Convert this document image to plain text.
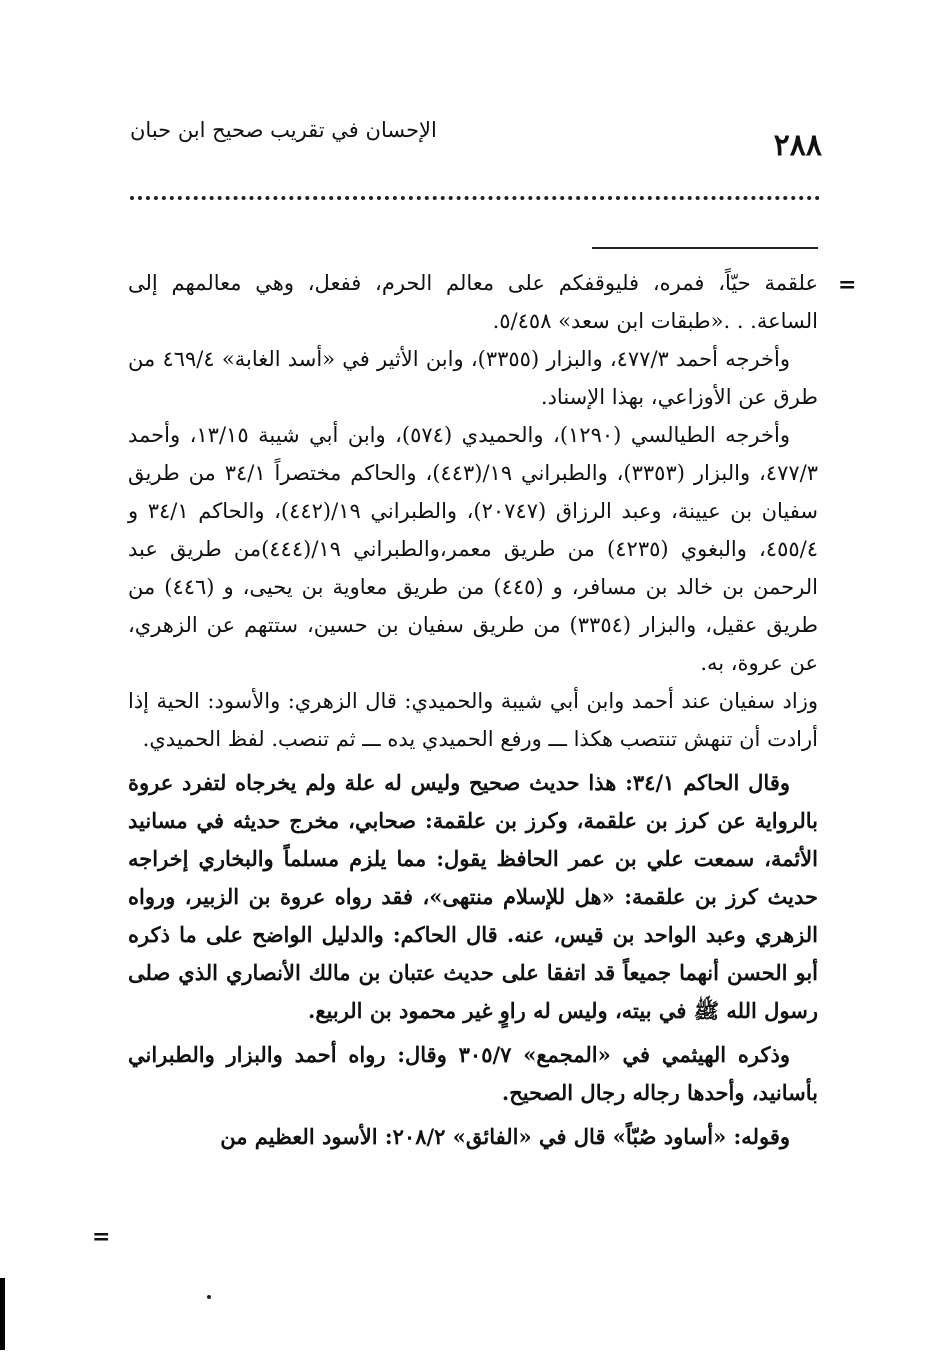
الإحسان في تقريب صحيح ابن حبان	٢٨٨
=

علقمة حيّاً، فمره، فليوقفكم على معالم الحرم، ففعل، وهي معالمهم إلى الساعة. . .«طبقات ابن سعد» ٥/٤٥٨.

وأخرجه أحمد ٤٧٧/٣، والبزار (٣٣٥٥)، وابن الأثير في «أسد الغابة» ٤٦٩/٤ من طرق عن الأوزاعي، بهذا الإسناد.

وأخرجه الطيالسي (١٢٩٠)، والحميدي (٥٧٤)، وابن أبي شيبة ١٣/١٥، وأحمد ٤٧٧/٣، والبزار (٣٣٥٣)، والطبراني ١٩/(٤٤٣)، والحاكم مختصراً ٣٤/١ من طريق سفيان بن عيينة، وعبد الرزاق (٢٠٧٤٧)، والطبراني ١٩/(٤٤٢)، والحاكم ٣٤/١ و ٤٥٥/٤، والبغوي (٤٢٣٥) من طريق معمر،والطبراني ١٩/(٤٤٤)من طريق عبد الرحمن بن خالد بن مسافر، و (٤٤٥) من طريق معاوية بن يحيى، و (٤٤٦) من طريق عقيل، والبزار (٣٣٥٤) من طريق سفيان بن حسين، ستتهم عن الزهري، عن عروة، به.

وزاد سفيان عند أحمد وابن أبي شيبة والحميدي: قال الزهري: والأسود: الحية إذا أرادت أن تنهش تنتصب هكذا ـــ ورفع الحميدي يده ـــ ثم تنصب. لفظ الحميدي.

وقال الحاكم ٣٤/١: هذا حديث صحيح وليس له علة ولم يخرجاه لتفرد عروة بالرواية عن كرز بن علقمة، وكرز بن علقمة: صحابي، مخرج حديثه في مسانيد الأئمة، سمعت علي بن عمر الحافظ يقول: مما يلزم مسلماً والبخاري إخراجه حديث كرز بن علقمة: «هل للإسلام منتهى»، فقد رواه عروة بن الزبير، ورواه الزهري وعبد الواحد بن قيس، عنه. قال الحاكم: والدليل الواضح على ما ذكره أبو الحسن أنهما جميعاً قد اتفقا على حديث عتبان بن مالك الأنصاري الذي صلى رسول الله ﷺ في بيته، وليس له راوٍ غير محمود بن الربيع.

وذكره الهيثمي في «المجمع» ٣٠٥/٧ وقال: رواه أحمد والبزار والطبراني بأسانيد، وأحدها رجاله رجال الصحيح.

وقوله: «أساود صُبّاً» قال في «الفائق» ٢٠٨/٢: الأسود العظيم من

=
